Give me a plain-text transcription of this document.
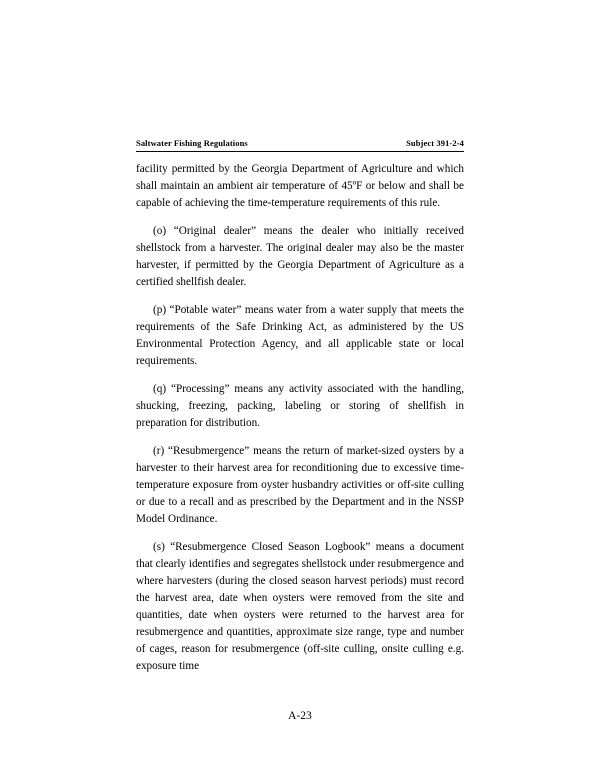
Saltwater Fishing Regulations	Subject 391-2-4

facility permitted by the Georgia Department of Agriculture and which shall maintain an ambient air temperature of 45ºF or below and shall be capable of achieving the time-temperature requirements of this rule.

(o) “Original dealer” means the dealer who initially received shellstock from a harvester. The original dealer may also be the master harvester, if permitted by the Georgia Department of Agriculture as a certified shellfish dealer.

(p) “Potable water” means water from a water supply that meets the requirements of the Safe Drinking Act, as administered by the US Environmental Protection Agency, and all applicable state or local requirements.

(q) “Processing” means any activity associated with the handling, shucking, freezing, packing, labeling or storing of shellfish in preparation for distribution.

(r) “Resubmergence” means the return of market-sized oysters by a harvester to their harvest area for reconditioning due to excessive time-temperature exposure from oyster husbandry activities or off-site culling or due to a recall and as prescribed by the Department and in the NSSP Model Ordinance.

(s) “Resubmergence Closed Season Logbook” means a document that clearly identifies and segregates shellstock under resubmergence and where harvesters (during the closed season harvest periods) must record the harvest area, date when oysters were removed from the site and quantities, date when oysters were returned to the harvest area for resubmergence and quantities, approximate size range, type and number of cages, reason for resubmergence (off-site culling, onsite culling e.g. exposure time

A-23
